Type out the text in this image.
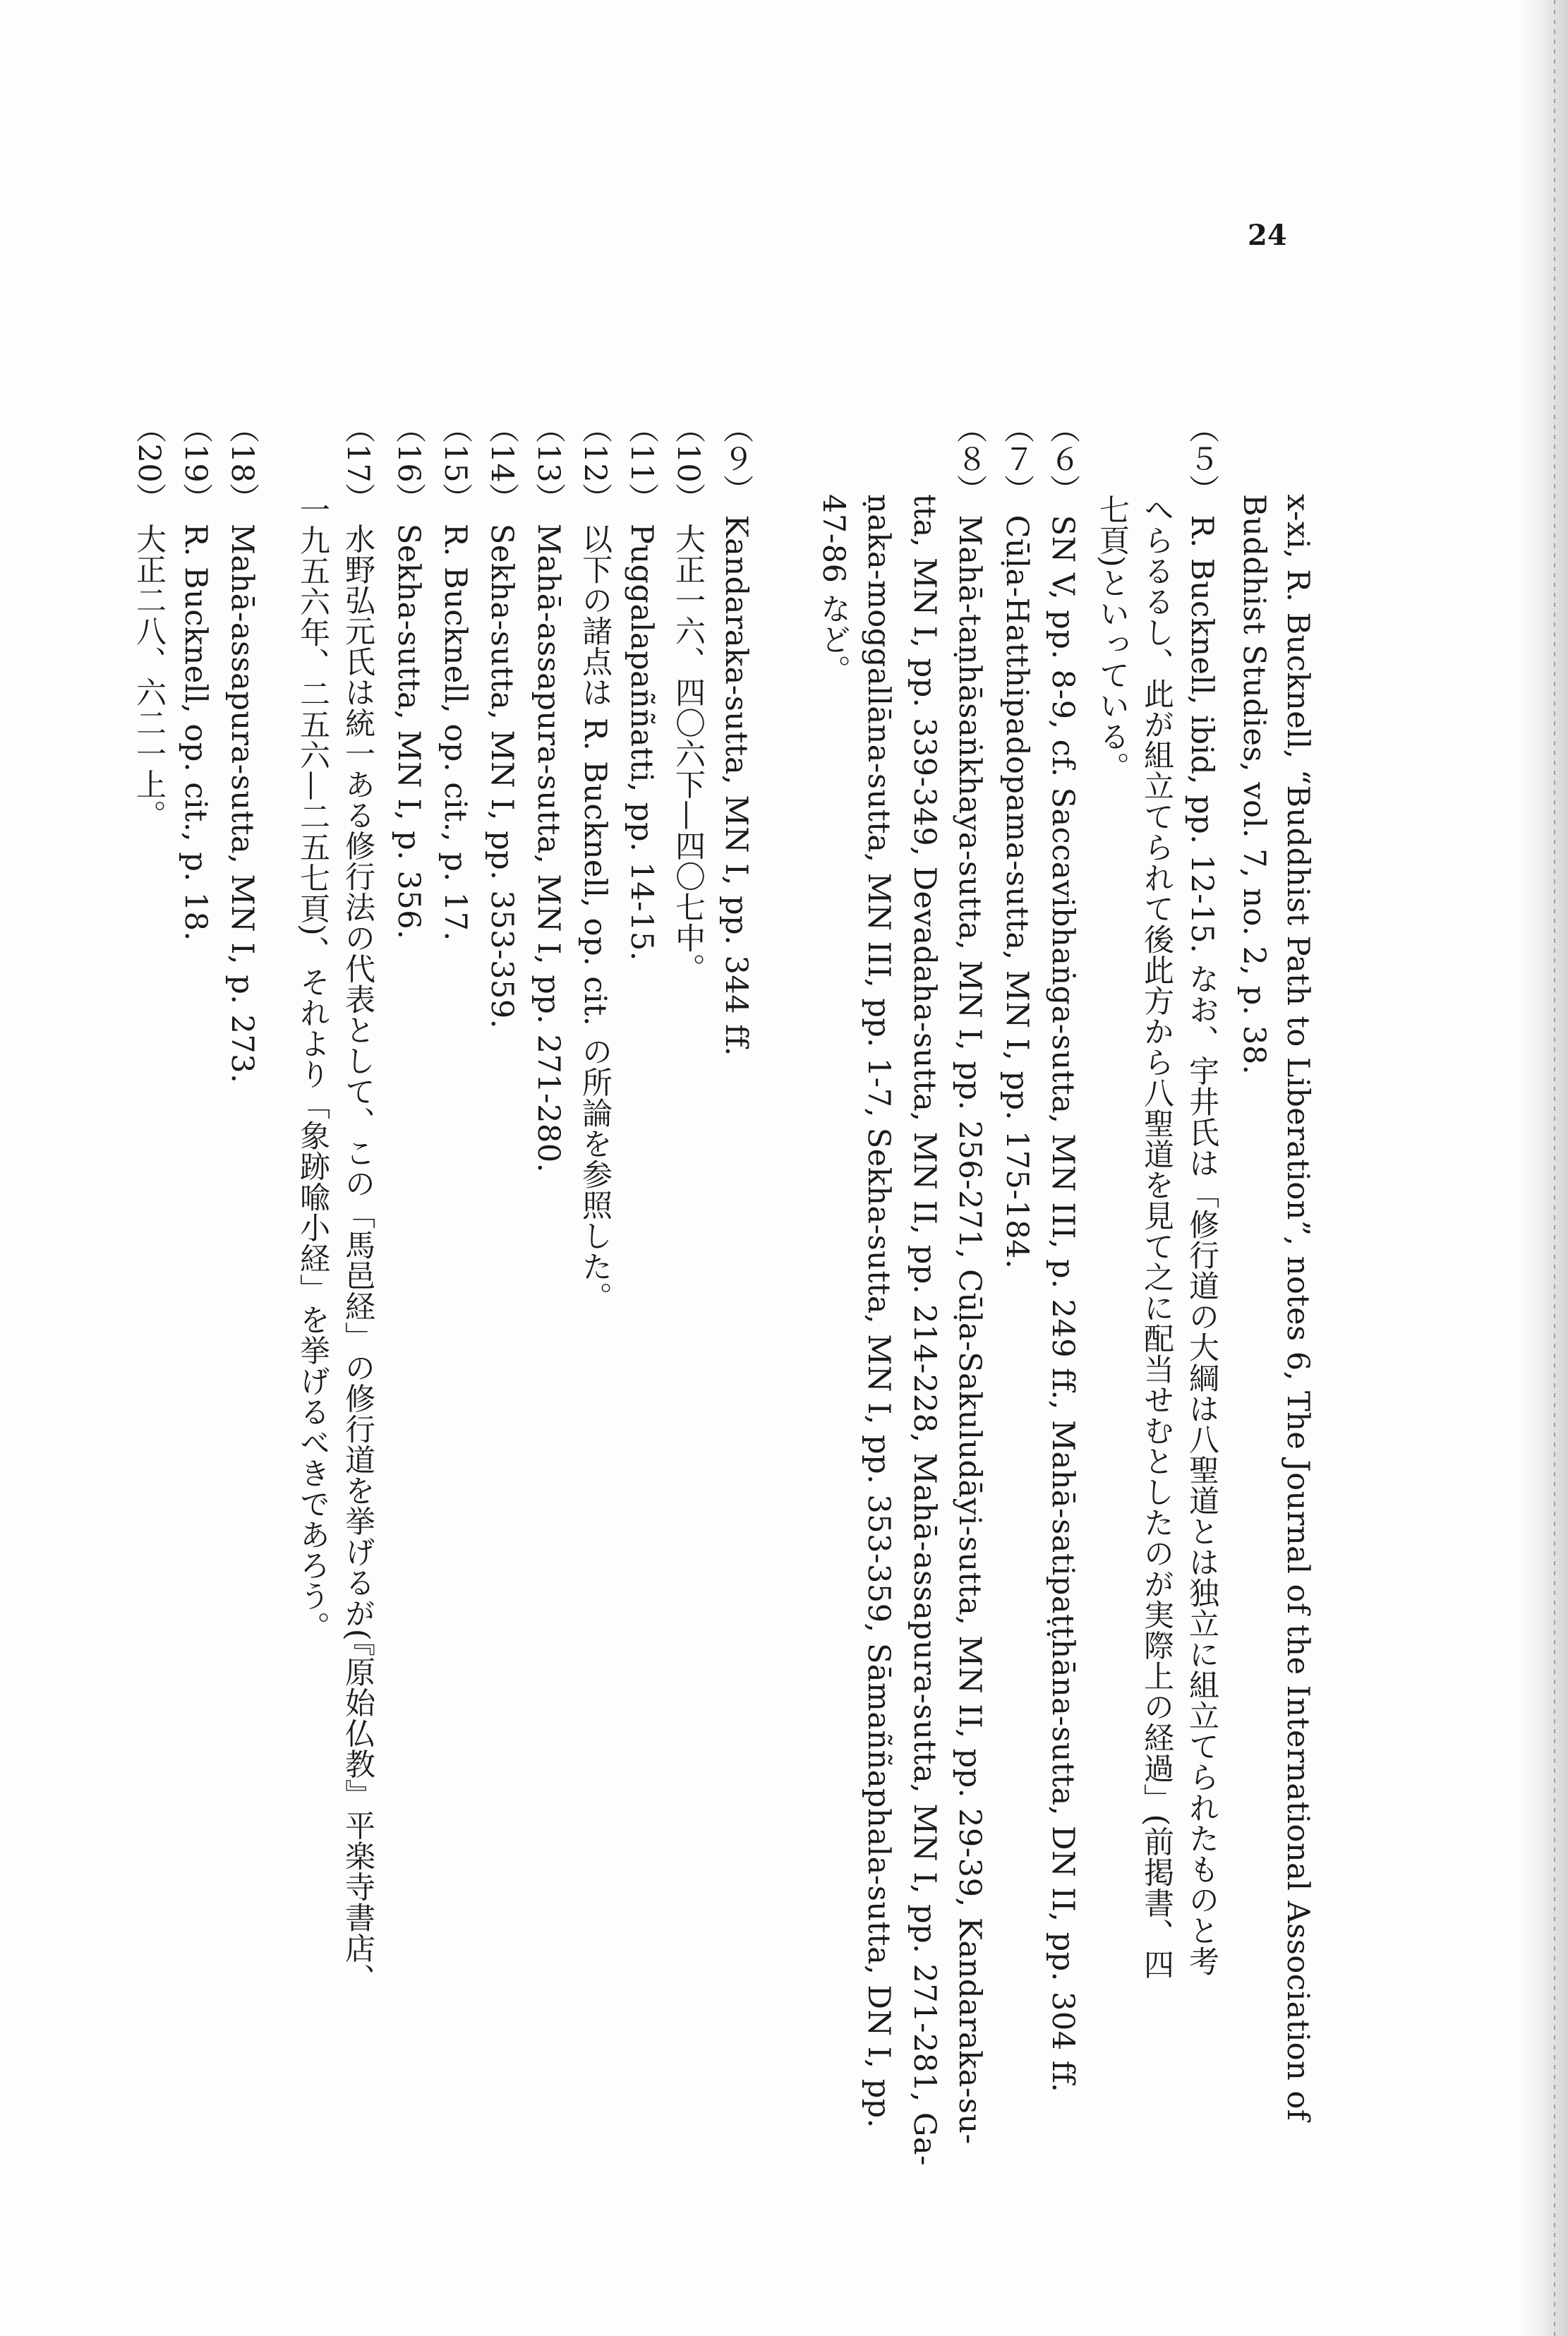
24
x-xi, R. Bucknell, “Buddhist Path to Liberation”, notes 6, The Journal of the International Association of
Buddhist Studies, vol. 7, no. 2, p. 38.
（５） R. Bucknell, ibid, pp. 12-15. なお、宇井氏は「修行道の大綱は八聖道とは独立に組立てられたものと考
へらるるし、此が組立てられて後此方から八聖道を見て之に配当せむとしたのが実際上の経過」(前掲書、四
七頁)といっている。
（６） SN V, pp. 8-9, cf. Saccavibhaṅga-sutta, MN III, p. 249 ff., Mahā-satipaṭṭhāna-sutta, DN II, pp. 304 ff.
（７） Cūḷa-Hatthipadopama-sutta, MN I, pp. 175-184.
（８） Mahā-taṇhāsaṅkhaya-sutta, MN I, pp. 256-271, Cūḷa-Sakuludāyi-sutta, MN II, pp. 29-39, Kandaraka-su-
tta, MN I, pp. 339-349, Devadaha-sutta, MN II, pp. 214-228, Mahā-assapura-sutta, MN I, pp. 271-281, Ga-
ṇaka-moggallāna-sutta, MN III, pp. 1-7, Sekha-sutta, MN I, pp. 353-359, Sāmaññaphala-sutta, DN I, pp.
47-86 など。
（９） Kandaraka-sutta, MN I, pp. 344 ff.
（10） 大正一六、四〇六下—四〇七中。
（11） Puggalapaññatti, pp. 14-15.
（12） 以下の諸点は R. Bucknell, op. cit. の所論を参照した。
（13） Mahā-assapura-sutta, MN I, pp. 271-280.
（14） Sekha-sutta, MN I, pp. 353-359.
（15） R. Bucknell, op. cit., p. 17.
（16） Sekha-sutta, MN I, p. 356.
（17） 水野弘元氏は統一ある修行法の代表として、この「馬邑経」の修行道を挙げるが(『原始仏教』平楽寺書店、
一九五六年、二五六—二五七頁)、それより「象跡喩小経」を挙げるべきであろう。
（18） Mahā-assapura-sutta, MN I, p. 273.
（19） R. Bucknell, op. cit., p. 18.
（20） 大正二八、六二一上。
